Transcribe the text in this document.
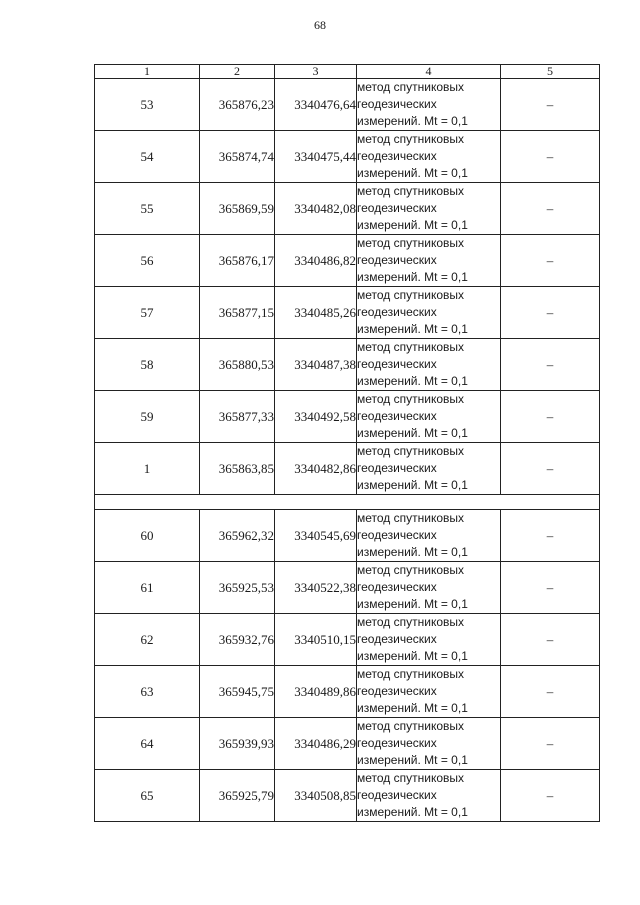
68
1	2	3	4	5
53	365876,23	3340476,64	метод спутниковых
геодезических
измерений. Mt = 0,1	–
54	365874,74	3340475,44	метод спутниковых
геодезических
измерений. Mt = 0,1	–
55	365869,59	3340482,08	метод спутниковых
геодезических
измерений. Mt = 0,1	–
56	365876,17	3340486,82	метод спутниковых
геодезических
измерений. Mt = 0,1	–
57	365877,15	3340485,26	метод спутниковых
геодезических
измерений. Mt = 0,1	–
58	365880,53	3340487,38	метод спутниковых
геодезических
измерений. Mt = 0,1	–
59	365877,33	3340492,58	метод спутниковых
геодезических
измерений. Mt = 0,1	–
1	365863,85	3340482,86	метод спутниковых
геодезических
измерений. Mt = 0,1	–

60	365962,32	3340545,69	метод спутниковых
геодезических
измерений. Mt = 0,1	–
61	365925,53	3340522,38	метод спутниковых
геодезических
измерений. Mt = 0,1	–
62	365932,76	3340510,15	метод спутниковых
геодезических
измерений. Mt = 0,1	–
63	365945,75	3340489,86	метод спутниковых
геодезических
измерений. Mt = 0,1	–
64	365939,93	3340486,29	метод спутниковых
геодезических
измерений. Mt = 0,1	–
65	365925,79	3340508,85	метод спутниковых
геодезических
измерений. Mt = 0,1	–
